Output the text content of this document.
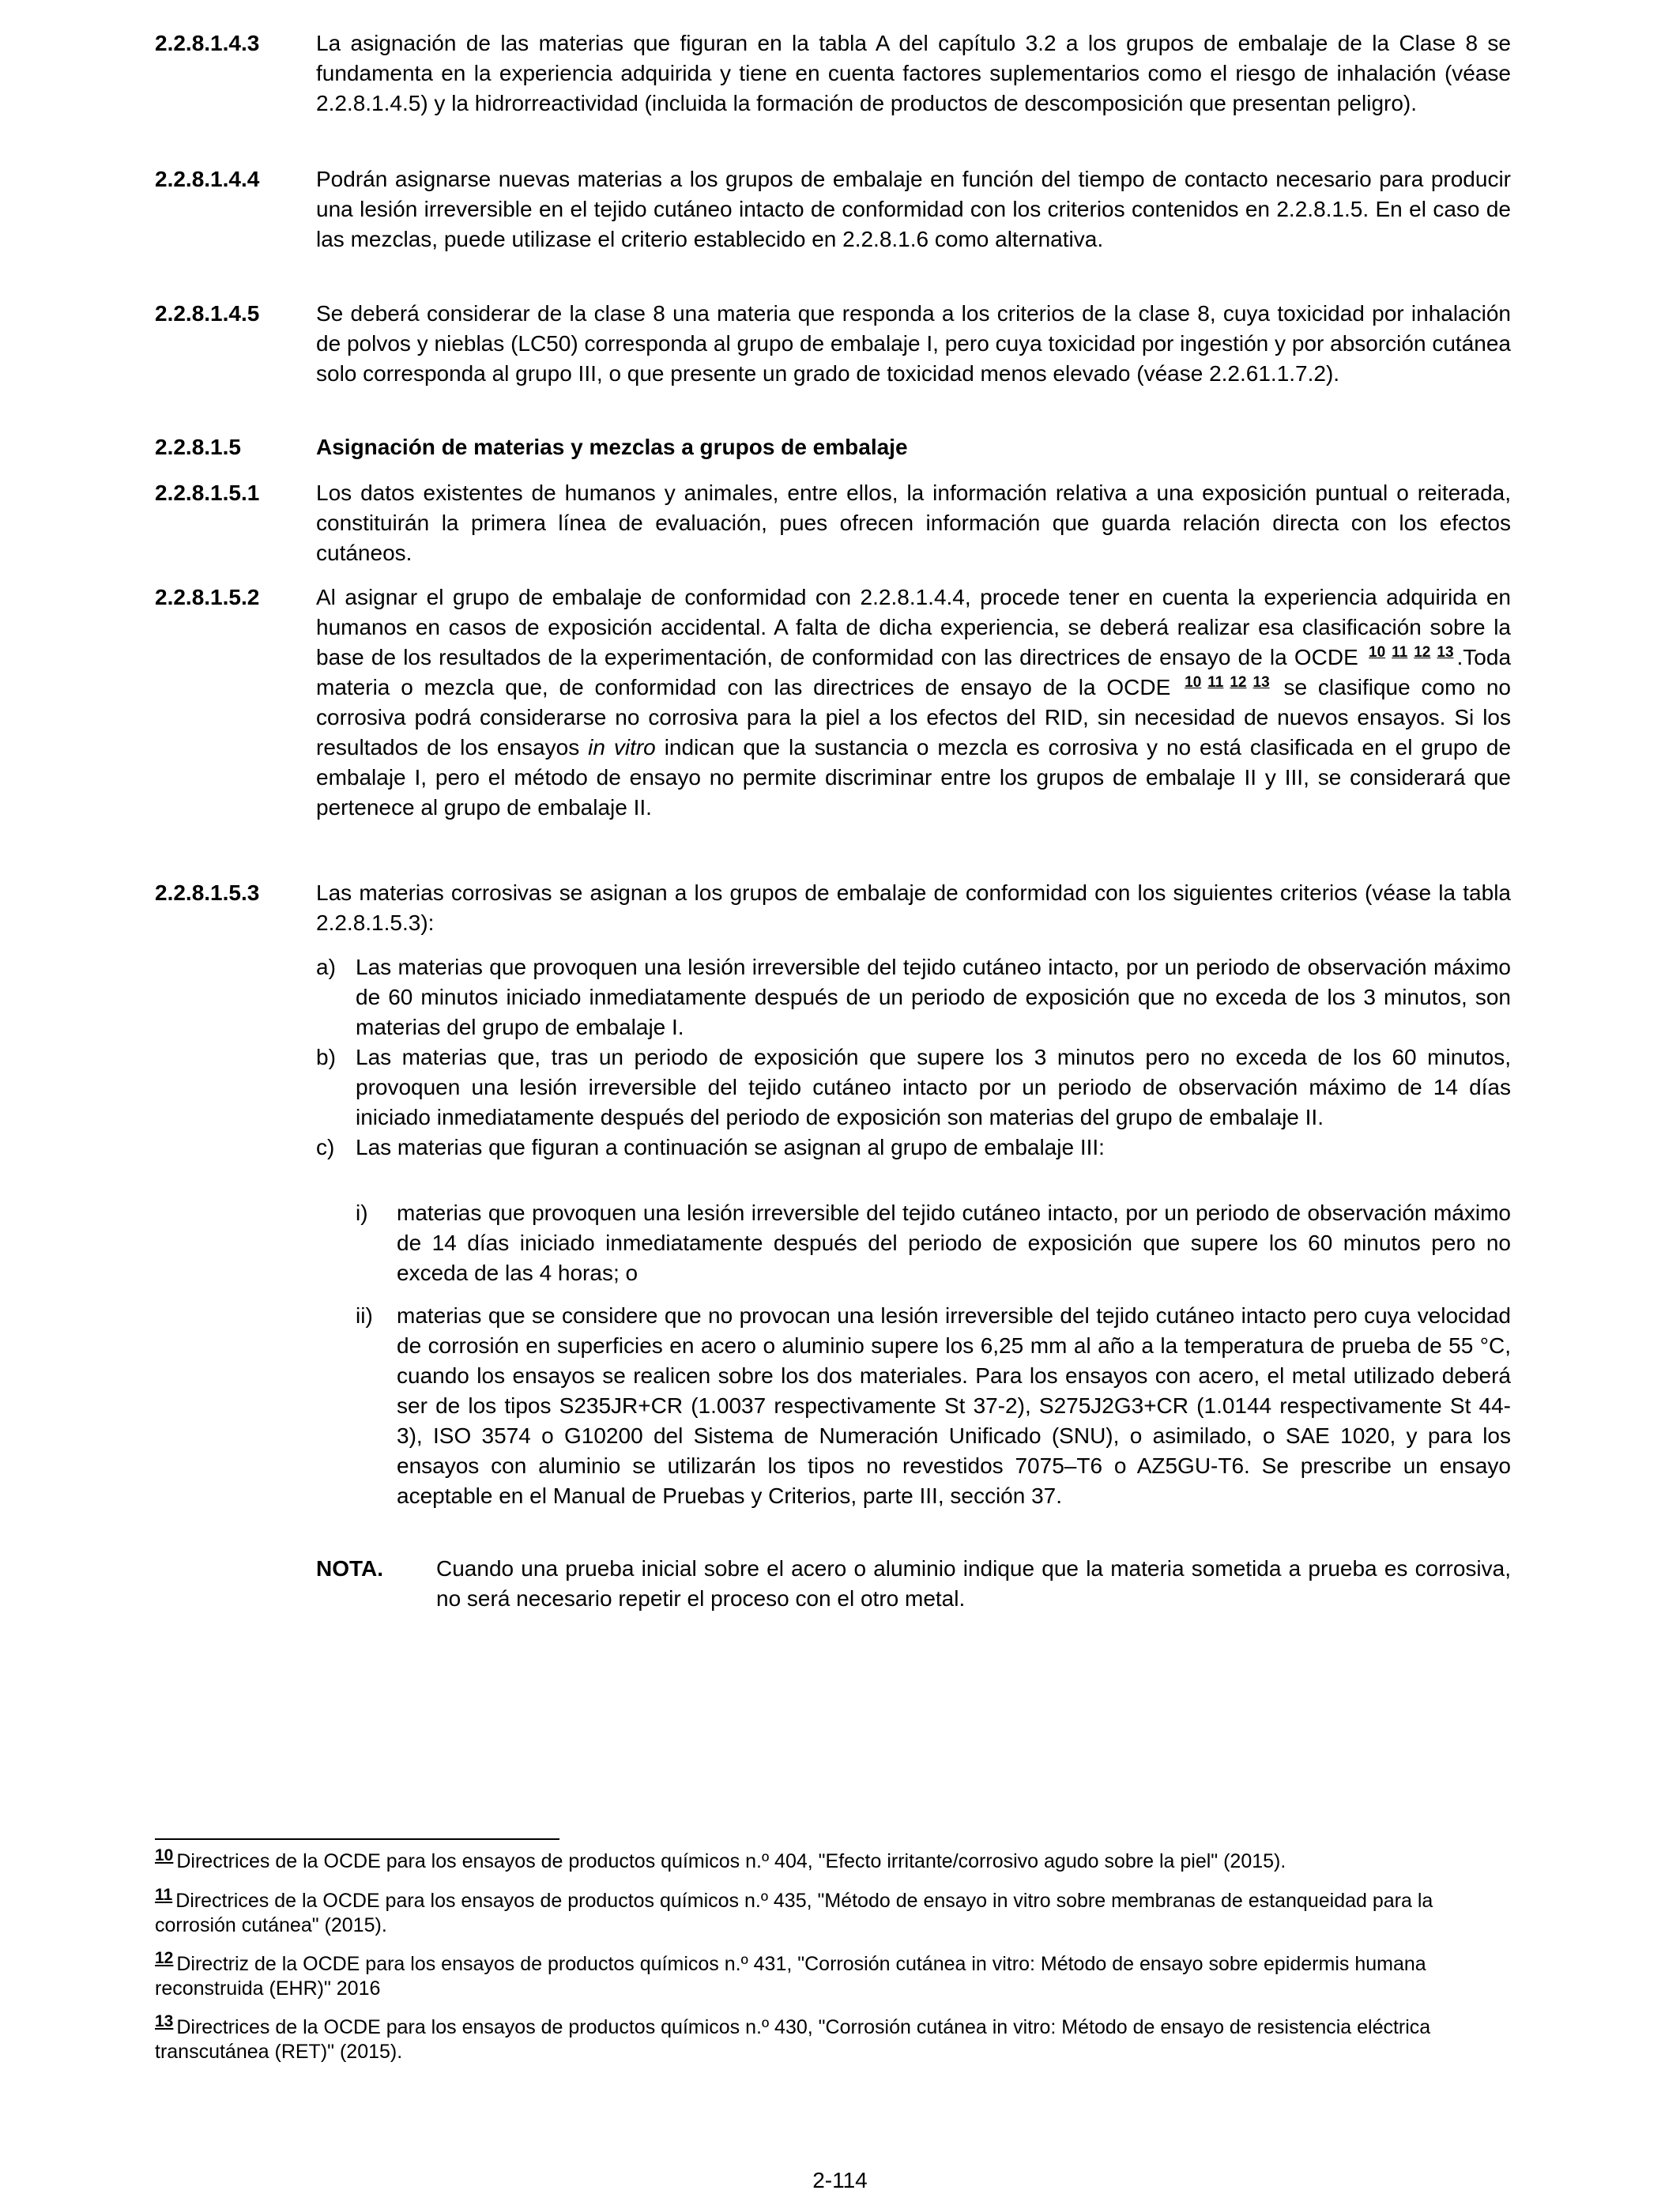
2.2.8.1.4.3	La asignación de las materias que figuran en la tabla A del capítulo 3.2 a los grupos de embalaje de la Clase 8 se fundamenta en la experiencia adquirida y tiene en cuenta factores suplementarios como el riesgo de inhalación (véase 2.2.8.1.4.5) y la hidrorreactividad (incluida la formación de productos de descomposición que presentan peligro).
2.2.8.1.4.4	Podrán asignarse nuevas materias a los grupos de embalaje en función del tiempo de contacto necesario para producir una lesión irreversible en el tejido cutáneo intacto de conformidad con los criterios contenidos en 2.2.8.1.5. En el caso de las mezclas, puede utilizase el criterio establecido en 2.2.8.1.6 como alternativa.
2.2.8.1.4.5	Se deberá considerar de la clase 8 una materia que responda a los criterios de la clase 8, cuya toxicidad por inhalación de polvos y nieblas (LC50) corresponda al grupo de embalaje I, pero cuya toxicidad por ingestión y por absorción cutánea solo corresponda al grupo III, o que presente un grado de toxicidad menos elevado (véase 2.2.61.1.7.2).
2.2.8.1.5	Asignación de materias y mezclas a grupos de embalaje
2.2.8.1.5.1	Los datos existentes de humanos y animales, entre ellos, la información relativa a una exposición puntual o reiterada, constituirán la primera línea de evaluación, pues ofrecen información que guarda relación directa con los efectos cutáneos.
2.2.8.1.5.2	Al asignar el grupo de embalaje de conformidad con 2.2.8.1.4.4, procede tener en cuenta la experiencia adquirida en humanos en casos de exposición accidental. A falta de dicha experiencia, se deberá realizar esa clasificación sobre la base de los resultados de la experimentación, de conformidad con las directrices de ensayo de la OCDE $^{10}$ $^{11}$ $^{12}$ $^{13}$ .Toda materia o mezcla que, de conformidad con las directrices de ensayo de la OCDE $^{10}$ $^{11}$ $^{12}$ $^{13}$ se clasifique como no corrosiva podrá considerarse no corrosiva para la piel a los efectos del RID, sin necesidad de nuevos ensayos. Si los resultados de los ensayos in vitro indican que la sustancia o mezcla es corrosiva y no está clasificada en el grupo de embalaje I, pero el método de ensayo no permite discriminar entre los grupos de embalaje II y III, se considerará que pertenece al grupo de embalaje II.
2.2.8.1.5.3	Las materias corrosivas se asignan a los grupos de embalaje de conformidad con los siguientes criterios (véase la tabla 2.2.8.1.5.3):
a) Las materias que provoquen una lesión irreversible del tejido cutáneo intacto, por un periodo de observación máximo de 60 minutos iniciado inmediatamente después de un periodo de exposición que no exceda de los 3 minutos, son materias del grupo de embalaje I.
b) Las materias que, tras un periodo de exposición que supere los 3 minutos pero no exceda de los 60 minutos, provoquen una lesión irreversible del tejido cutáneo intacto por un periodo de observación máximo de 14 días iniciado inmediatamente después del periodo de exposición son materias del grupo de embalaje II.
c) Las materias que figuran a continuación se asignan al grupo de embalaje III:
i) materias que provoquen una lesión irreversible del tejido cutáneo intacto, por un periodo de observación máximo de 14 días iniciado inmediatamente después del periodo de exposición que supere los 60 minutos pero no exceda de las 4 horas; o
ii) materias que se considere que no provocan una lesión irreversible del tejido cutáneo intacto pero cuya velocidad de corrosión en superficies en acero o aluminio supere los 6,25 mm al año a la temperatura de prueba de 55 °C, cuando los ensayos se realicen sobre los dos materiales. Para los ensayos con acero, el metal utilizado deberá ser de los tipos S235JR+CR (1.0037 respectivamente St 37-2), S275J2G3+CR (1.0144 respectivamente St 44-3), ISO 3574 o G10200 del Sistema de Numeración Unificado (SNU), o asimilado, o SAE 1020, y para los ensayos con aluminio se utilizarán los tipos no revestidos 7075–T6 o AZ5GU-T6. Se prescribe un ensayo aceptable en el Manual de Pruebas y Criterios, parte III, sección 37.
NOTA. Cuando una prueba inicial sobre el acero o aluminio indique que la materia sometida a prueba es corrosiva, no será necesario repetir el proceso con el otro metal.
$^{10}$ Directrices de la OCDE para los ensayos de productos químicos n.º 404, "Efecto irritante/corrosivo agudo sobre la piel" (2015).
$^{11}$ Directrices de la OCDE para los ensayos de productos químicos n.º 435, "Método de ensayo in vitro sobre membranas de estanqueidad para la corrosión cutánea" (2015).
$^{12}$ Directriz de la OCDE para los ensayos de productos químicos n.º 431, "Corrosión cutánea in vitro: Método de ensayo sobre epidermis humana reconstruida (EHR)" 2016
$^{13}$ Directrices de la OCDE para los ensayos de productos químicos n.º 430, "Corrosión cutánea in vitro: Método de ensayo de resistencia eléctrica transcutánea (RET)" (2015).
2-114
